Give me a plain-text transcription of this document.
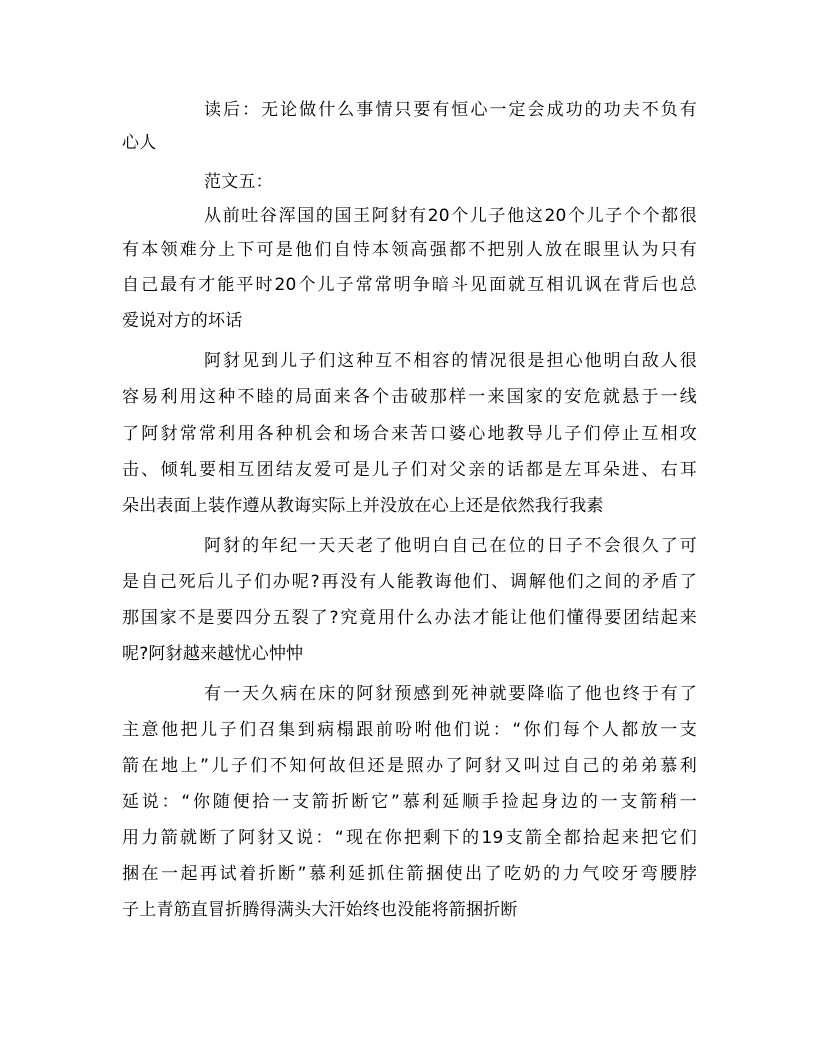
读后：无论做什么事情只要有恒心一定会成功的功夫不负有
心人
范文五：
从前吐谷浑国的国王阿豺有20个儿子他这20个儿子个个都很
有本领难分上下可是他们自恃本领高强都不把别人放在眼里认为只有
自己最有才能平时20个儿子常常明争暗斗见面就互相讥讽在背后也总
爱说对方的坏话
阿豺见到儿子们这种互不相容的情况很是担心他明白敌人很
容易利用这种不睦的局面来各个击破那样一来国家的安危就悬于一线
了阿豺常常利用各种机会和场合来苦口婆心地教导儿子们停止互相攻
击、倾轧要相互团结友爱可是儿子们对父亲的话都是左耳朵进、右耳
朵出表面上装作遵从教诲实际上并没放在心上还是依然我行我素
阿豺的年纪一天天老了他明白自己在位的日子不会很久了可
是自己死后儿子们办呢?再没有人能教诲他们、调解他们之间的矛盾了
那国家不是要四分五裂了?究竟用什么办法才能让他们懂得要团结起来
呢?阿豺越来越忧心忡忡
有一天久病在床的阿豺预感到死神就要降临了他也终于有了
主意他把儿子们召集到病榻跟前吩咐他们说：“你们每个人都放一支
箭在地上”儿子们不知何故但还是照办了阿豺又叫过自己的弟弟慕利
延说：“你随便拾一支箭折断它”慕利延顺手捡起身边的一支箭稍一
用力箭就断了阿豺又说：“现在你把剩下的19支箭全都拾起来把它们
捆在一起再试着折断”慕利延抓住箭捆使出了吃奶的力气咬牙弯腰脖
子上青筋直冒折腾得满头大汗始终也没能将箭捆折断
